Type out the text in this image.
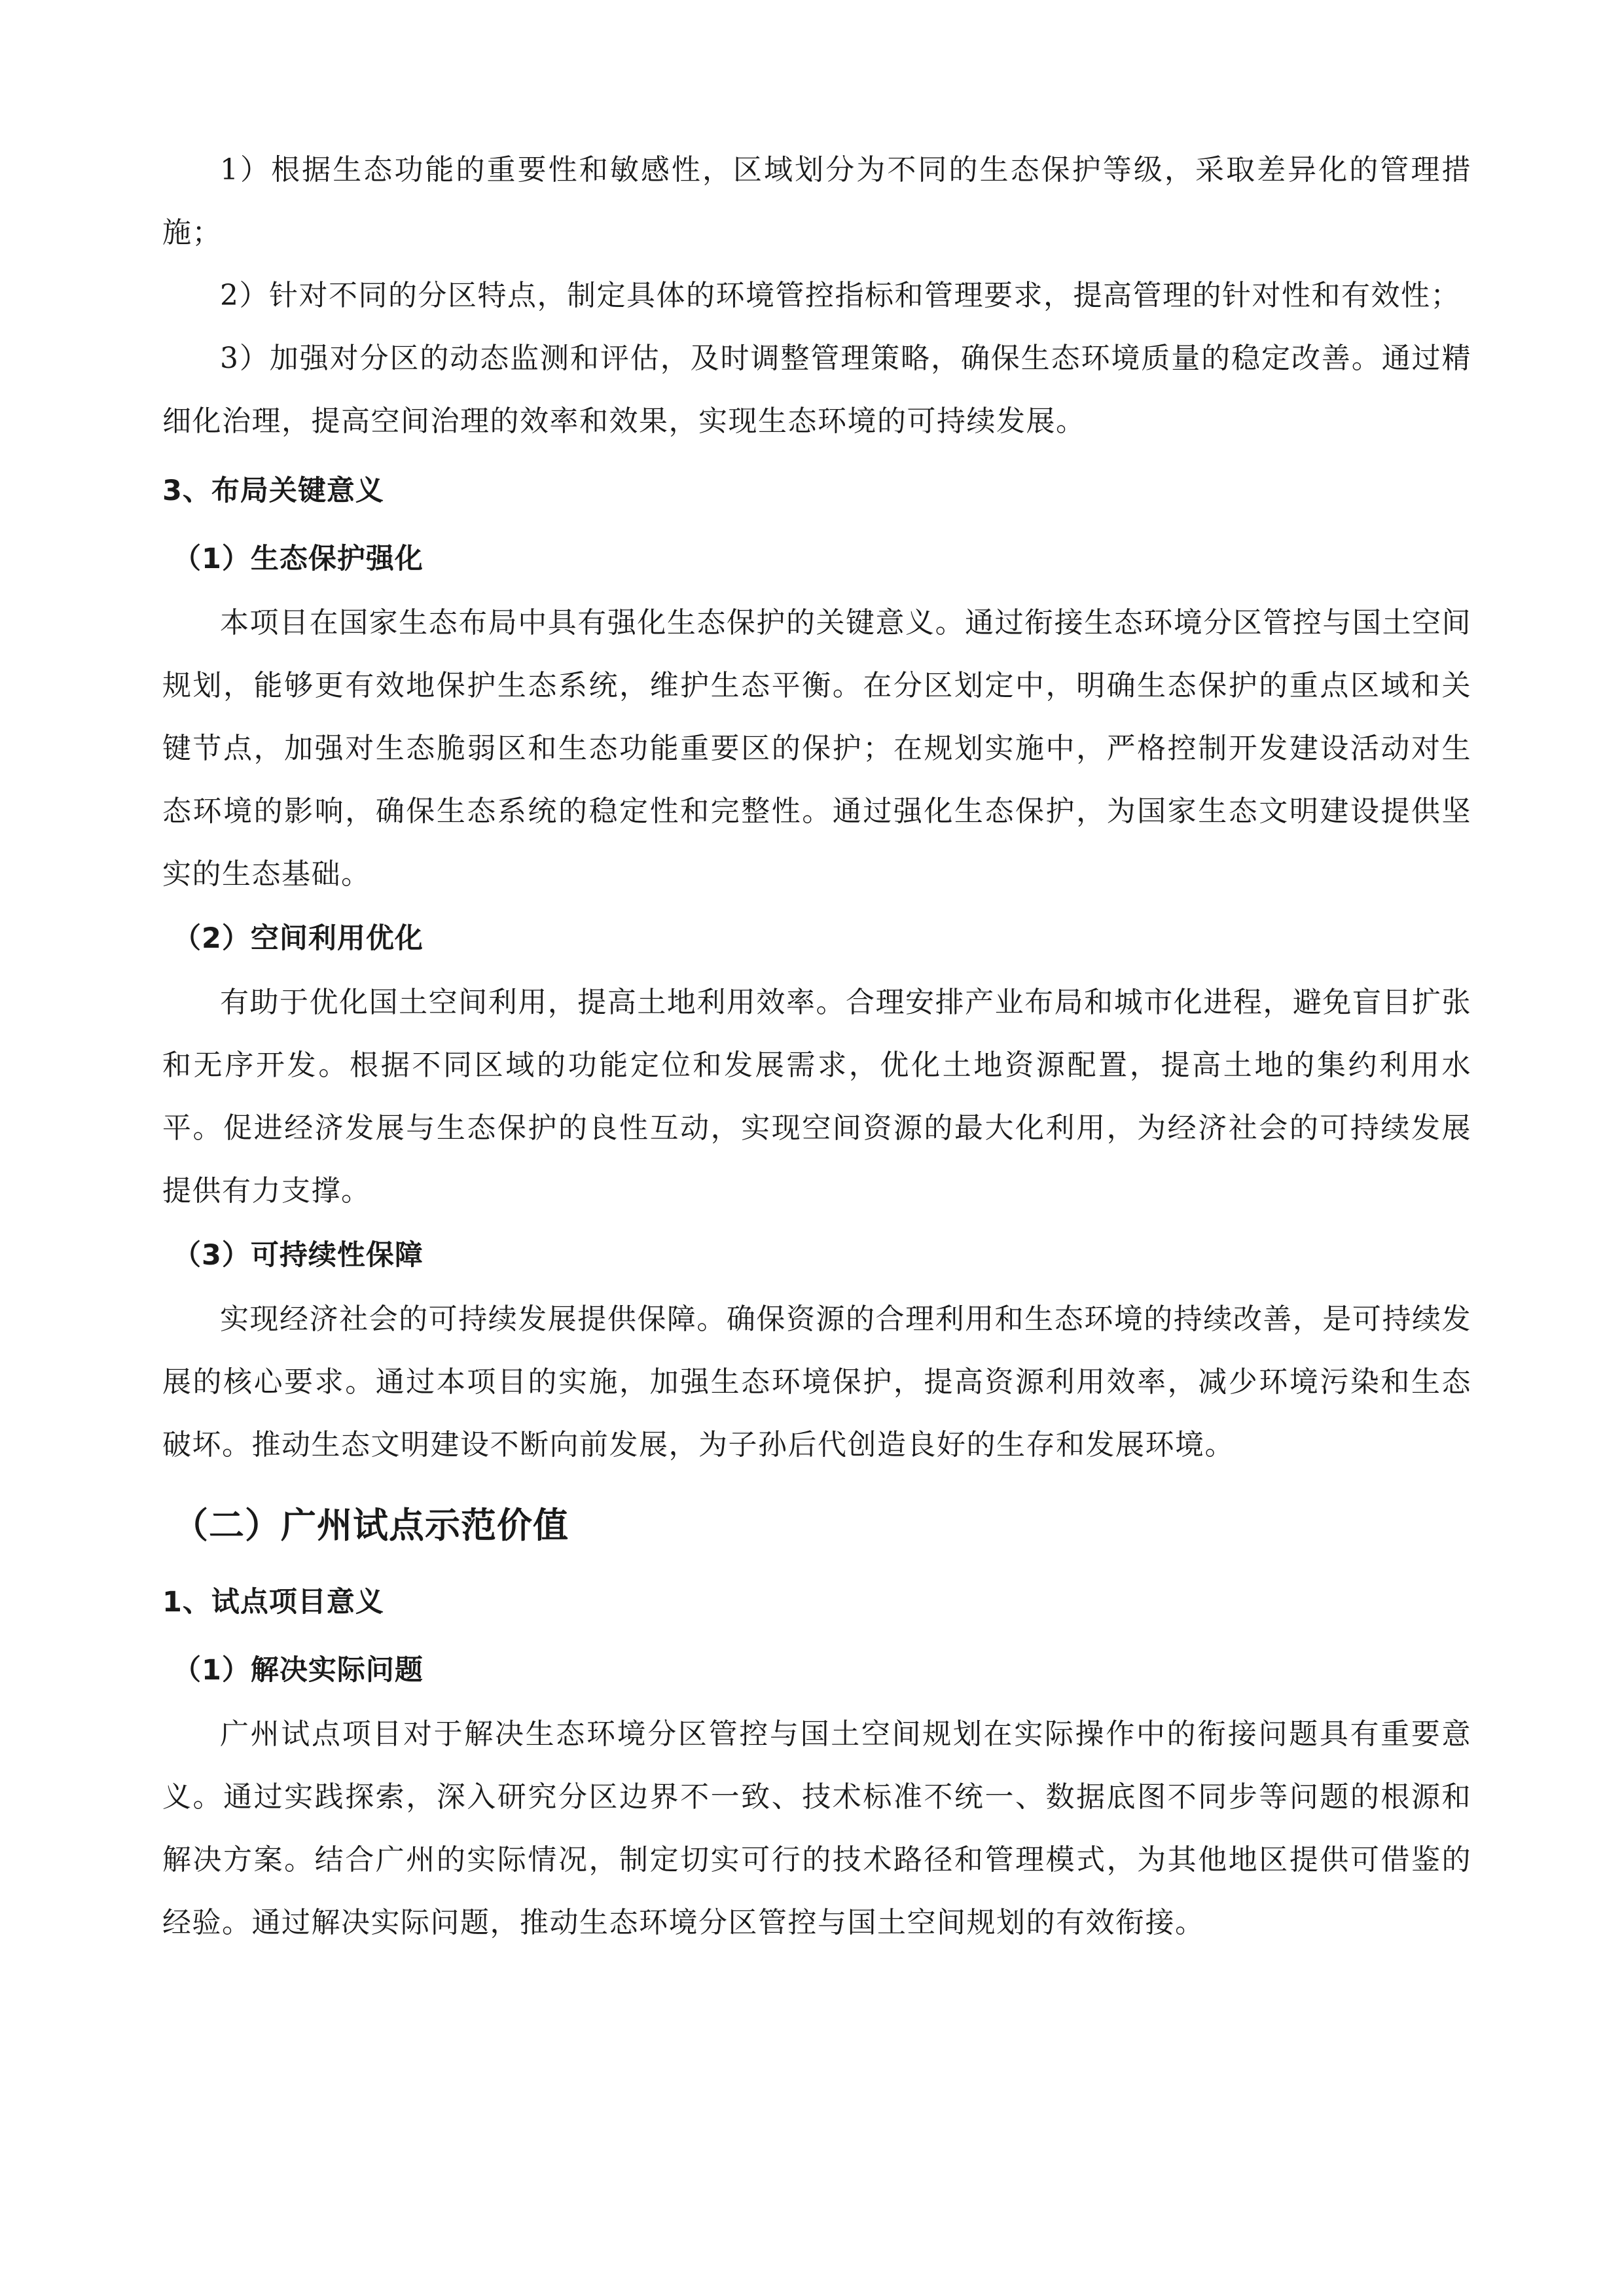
1）根据生态功能的重要性和敏感性，区域划分为不同的生态保护等级，采取差异化的管理措施；

2）针对不同的分区特点，制定具体的环境管控指标和管理要求，提高管理的针对性和有效性；

3）加强对分区的动态监测和评估，及时调整管理策略，确保生态环境质量的稳定改善。通过精细化治理，提高空间治理的效率和效果，实现生态环境的可持续发展。

3、布局关键意义
（1）生态保护强化

本项目在国家生态布局中具有强化生态保护的关键意义。通过衔接生态环境分区管控与国土空间规划，能够更有效地保护生态系统，维护生态平衡。在分区划定中，明确生态保护的重点区域和关键节点，加强对生态脆弱区和生态功能重要区的保护；在规划实施中，严格控制开发建设活动对生态环境的影响，确保生态系统的稳定性和完整性。通过强化生态保护，为国家生态文明建设提供坚实的生态基础。

（2）空间利用优化

有助于优化国土空间利用，提高土地利用效率。合理安排产业布局和城市化进程，避免盲目扩张和无序开发。根据不同区域的功能定位和发展需求，优化土地资源配置，提高土地的集约利用水平。促进经济发展与生态保护的良性互动，实现空间资源的最大化利用，为经济社会的可持续发展提供有力支撑。

（3）可持续性保障

实现经济社会的可持续发展提供保障。确保资源的合理利用和生态环境的持续改善，是可持续发展的核心要求。通过本项目的实施，加强生态环境保护，提高资源利用效率，减少环境污染和生态破坏。推动生态文明建设不断向前发展，为子孙后代创造良好的生存和发展环境。

（二）广州试点示范价值
1、试点项目意义
（1）解决实际问题

广州试点项目对于解决生态环境分区管控与国土空间规划在实际操作中的衔接问题具有重要意义。通过实践探索，深入研究分区边界不一致、技术标准不统一、数据底图不同步等问题的根源和解决方案。结合广州的实际情况，制定切实可行的技术路径和管理模式，为其他地区提供可借鉴的经验。通过解决实际问题，推动生态环境分区管控与国土空间规划的有效衔接。
